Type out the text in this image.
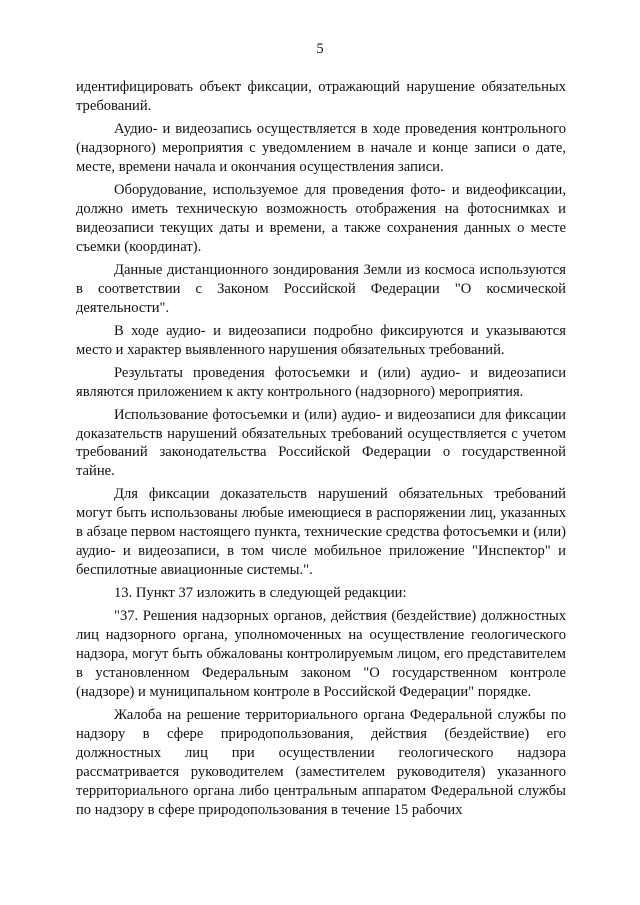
5

идентифицировать объект фиксации, отражающий нарушение обязательных требований.

Аудио- и видеозапись осуществляется в ходе проведения контрольного (надзорного) мероприятия с уведомлением в начале и конце записи о дате, месте, времени начала и окончания осуществления записи.

Оборудование, используемое для проведения фото- и видеофиксации, должно иметь техническую возможность отображения на фотоснимках и видеозаписи текущих даты и времени, а также сохранения данных о месте съемки (координат).

Данные дистанционного зондирования Земли из космоса используются в соответствии с Законом Российской Федерации "О космической деятельности".

В ходе аудио- и видеозаписи подробно фиксируются и указываются место и характер выявленного нарушения обязательных требований.

Результаты проведения фотосъемки и (или) аудио- и видеозаписи являются приложением к акту контрольного (надзорного) мероприятия.

Использование фотосъемки и (или) аудио- и видеозаписи для фиксации доказательств нарушений обязательных требований осуществляется с учетом требований законодательства Российской Федерации о государственной тайне.

Для фиксации доказательств нарушений обязательных требований могут быть использованы любые имеющиеся в распоряжении лиц, указанных в абзаце первом настоящего пункта, технические средства фотосъемки и (или) аудио- и видеозаписи, в том числе мобильное приложение "Инспектор" и беспилотные авиационные системы.".

13. Пункт 37 изложить в следующей редакции:

"37. Решения надзорных органов, действия (бездействие) должностных лиц надзорного органа, уполномоченных на осуществление геологического надзора, могут быть обжалованы контролируемым лицом, его представителем в установленном Федеральным законом "О государственном контроле (надзоре) и муниципальном контроле в Российской Федерации" порядке.

Жалоба на решение территориального органа Федеральной службы по надзору в сфере природопользования, действия (бездействие) его должностных лиц при осуществлении геологического надзора рассматривается руководителем (заместителем руководителя) указанного территориального органа либо центральным аппаратом Федеральной службы по надзору в сфере природопользования в течение 15 рабочих
